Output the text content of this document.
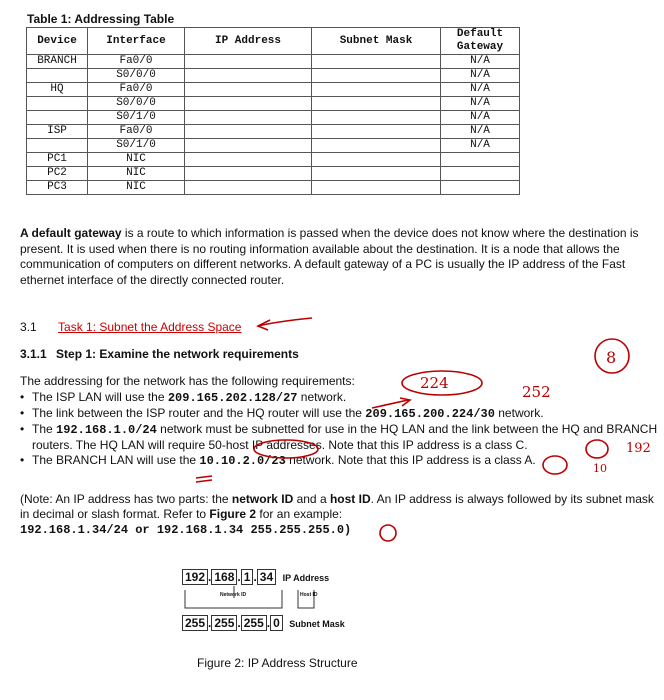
Table 1: Addressing Table
Device	Interface	IP Address	Subnet Mask	Default Gateway
BRANCH	Fa0/0			N/A
	S0/0/0			N/A
HQ	Fa0/0			N/A
	S0/0/0			N/A
	S0/1/0			N/A
ISP	Fa0/0			N/A
	S0/1/0			N/A
PC1	NIC			
PC2	NIC			
PC3	NIC			
A default gateway is a route to which information is passed when the device does not know where the destination is present. It is used when there is no routing information available about the destination. It is a node that allows the communication of computers on different networks. A default gateway of a PC is usually the IP address of the Fast ethernet interface of the directly connected router.
3.1 Task 1: Subnet the Address Space
3.1.1 Step 1: Examine the network requirements
The addressing for the network has the following requirements:
• The ISP LAN will use the 209.165.202.128/27 network.
• The link between the ISP router and the HQ router will use the 209.165.200.224/30 network.
• The 192.168.1.0/24 network must be subnetted for use in the HQ LAN and the link between the HQ and BRANCH routers. The HQ LAN will require 50-host IP addresses. Note that this IP address is a class C.
• The BRANCH LAN will use the 10.10.2.0/23 network. Note that this IP address is a class A.
(Note: An IP address has two parts: the network ID and a host ID. An IP address is always followed by its subnet mask in decimal or slash format. Refer to Figure 2 for an example:
192.168.1.34/24 or 192.168.1.34 255.255.255.0)
8
224	252
192
10
192 . 168 . 1 . 34 IP Address
Network ID	Host ID
255 . 255 . 255 . 0 Subnet Mask
Figure 2: IP Address Structure
